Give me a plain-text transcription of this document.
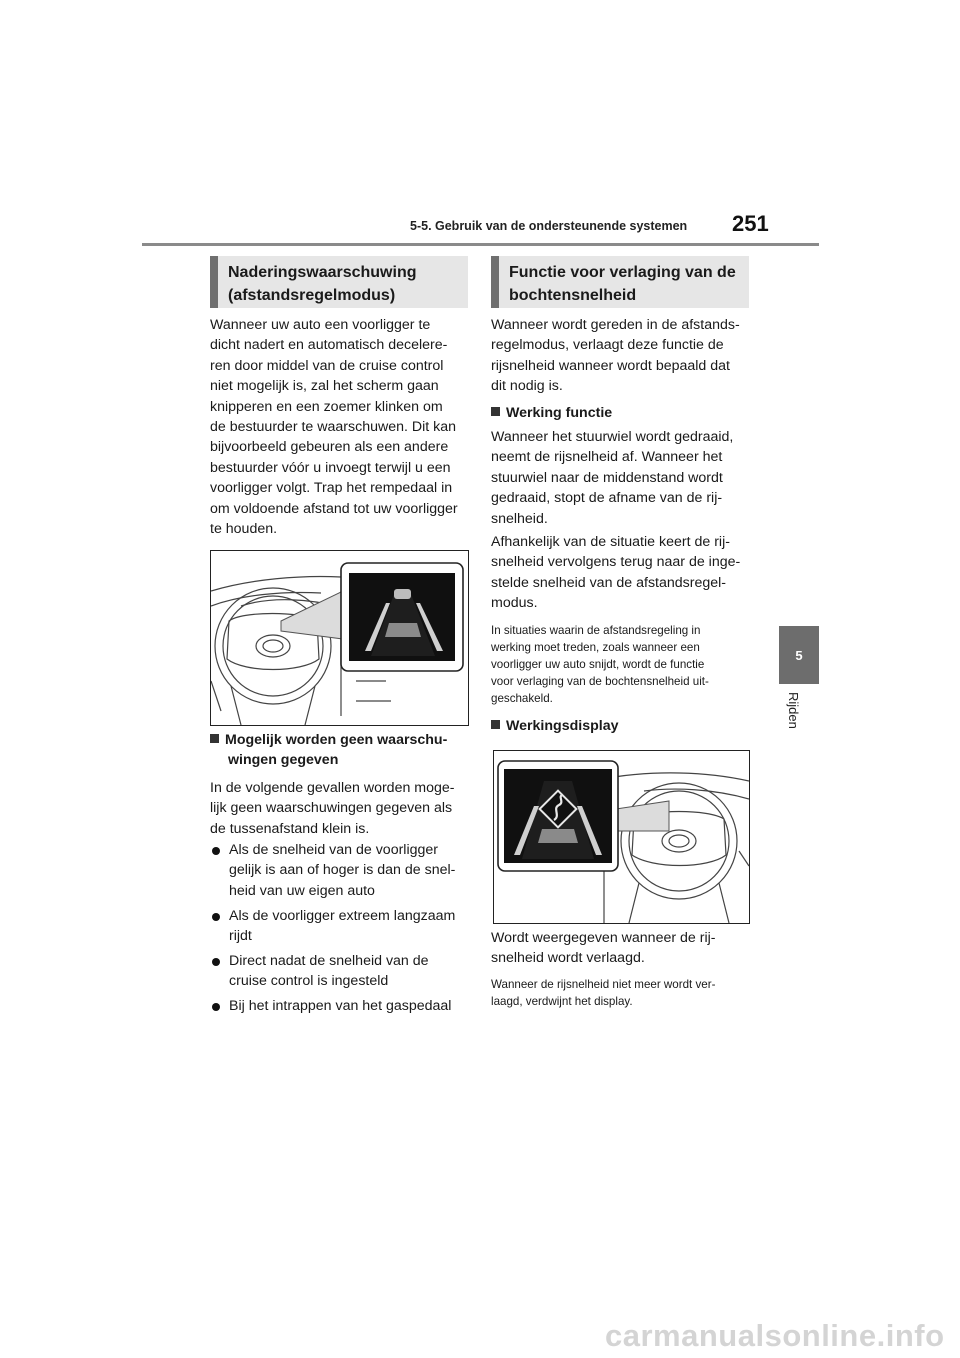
5-5. Gebruik van de ondersteunende systemen 251
5
Rijden
Naderingswaarschuwing
(afstandsregelmodus)
Wanneer uw auto een voorligger te
dicht nadert en automatisch decelere-
ren door middel van de cruise control
niet mogelijk is, zal het scherm gaan
knipperen en een zoemer klinken om
de bestuurder te waarschuwen. Dit kan
bijvoorbeeld gebeuren als een andere
bestuurder vóór u invoegt terwijl u een
voorligger volgt. Trap het rempedaal in
om voldoende afstand tot uw voorligger
te houden.
Mogelijk worden geen waarschu-
wingen gegeven
In de volgende gevallen worden moge-
lijk geen waarschuwingen gegeven als
de tussenafstand klein is.
Als de snelheid van de voorligger
gelijk is aan of hoger is dan de snel-
heid van uw eigen auto
Als de voorligger extreem langzaam
rijdt
Direct nadat de snelheid van de
cruise control is ingesteld
Bij het intrappen van het gaspedaal
Functie voor verlaging van de
bochtensnelheid
Wanneer wordt gereden in de afstands-
regelmodus, verlaagt deze functie de
rijsnelheid wanneer wordt bepaald dat
dit nodig is.
Werking functie
Wanneer het stuurwiel wordt gedraaid,
neemt de rijsnelheid af. Wanneer het
stuurwiel naar de middenstand wordt
gedraaid, stopt de afname van de rij-
snelheid.
Afhankelijk van de situatie keert de rij-
snelheid vervolgens terug naar de inge-
stelde snelheid van de afstandsregel-
modus.
In situaties waarin de afstandsregeling in
werking moet treden, zoals wanneer een
voorligger uw auto snijdt, wordt de functie
voor verlaging van de bochtensnelheid uit-
geschakeld.
Werkingsdisplay
Wordt weergegeven wanneer de rij-
snelheid wordt verlaagd.
Wanneer de rijsnelheid niet meer wordt ver-
laagd, verdwijnt het display.
carmanualsonline.info
